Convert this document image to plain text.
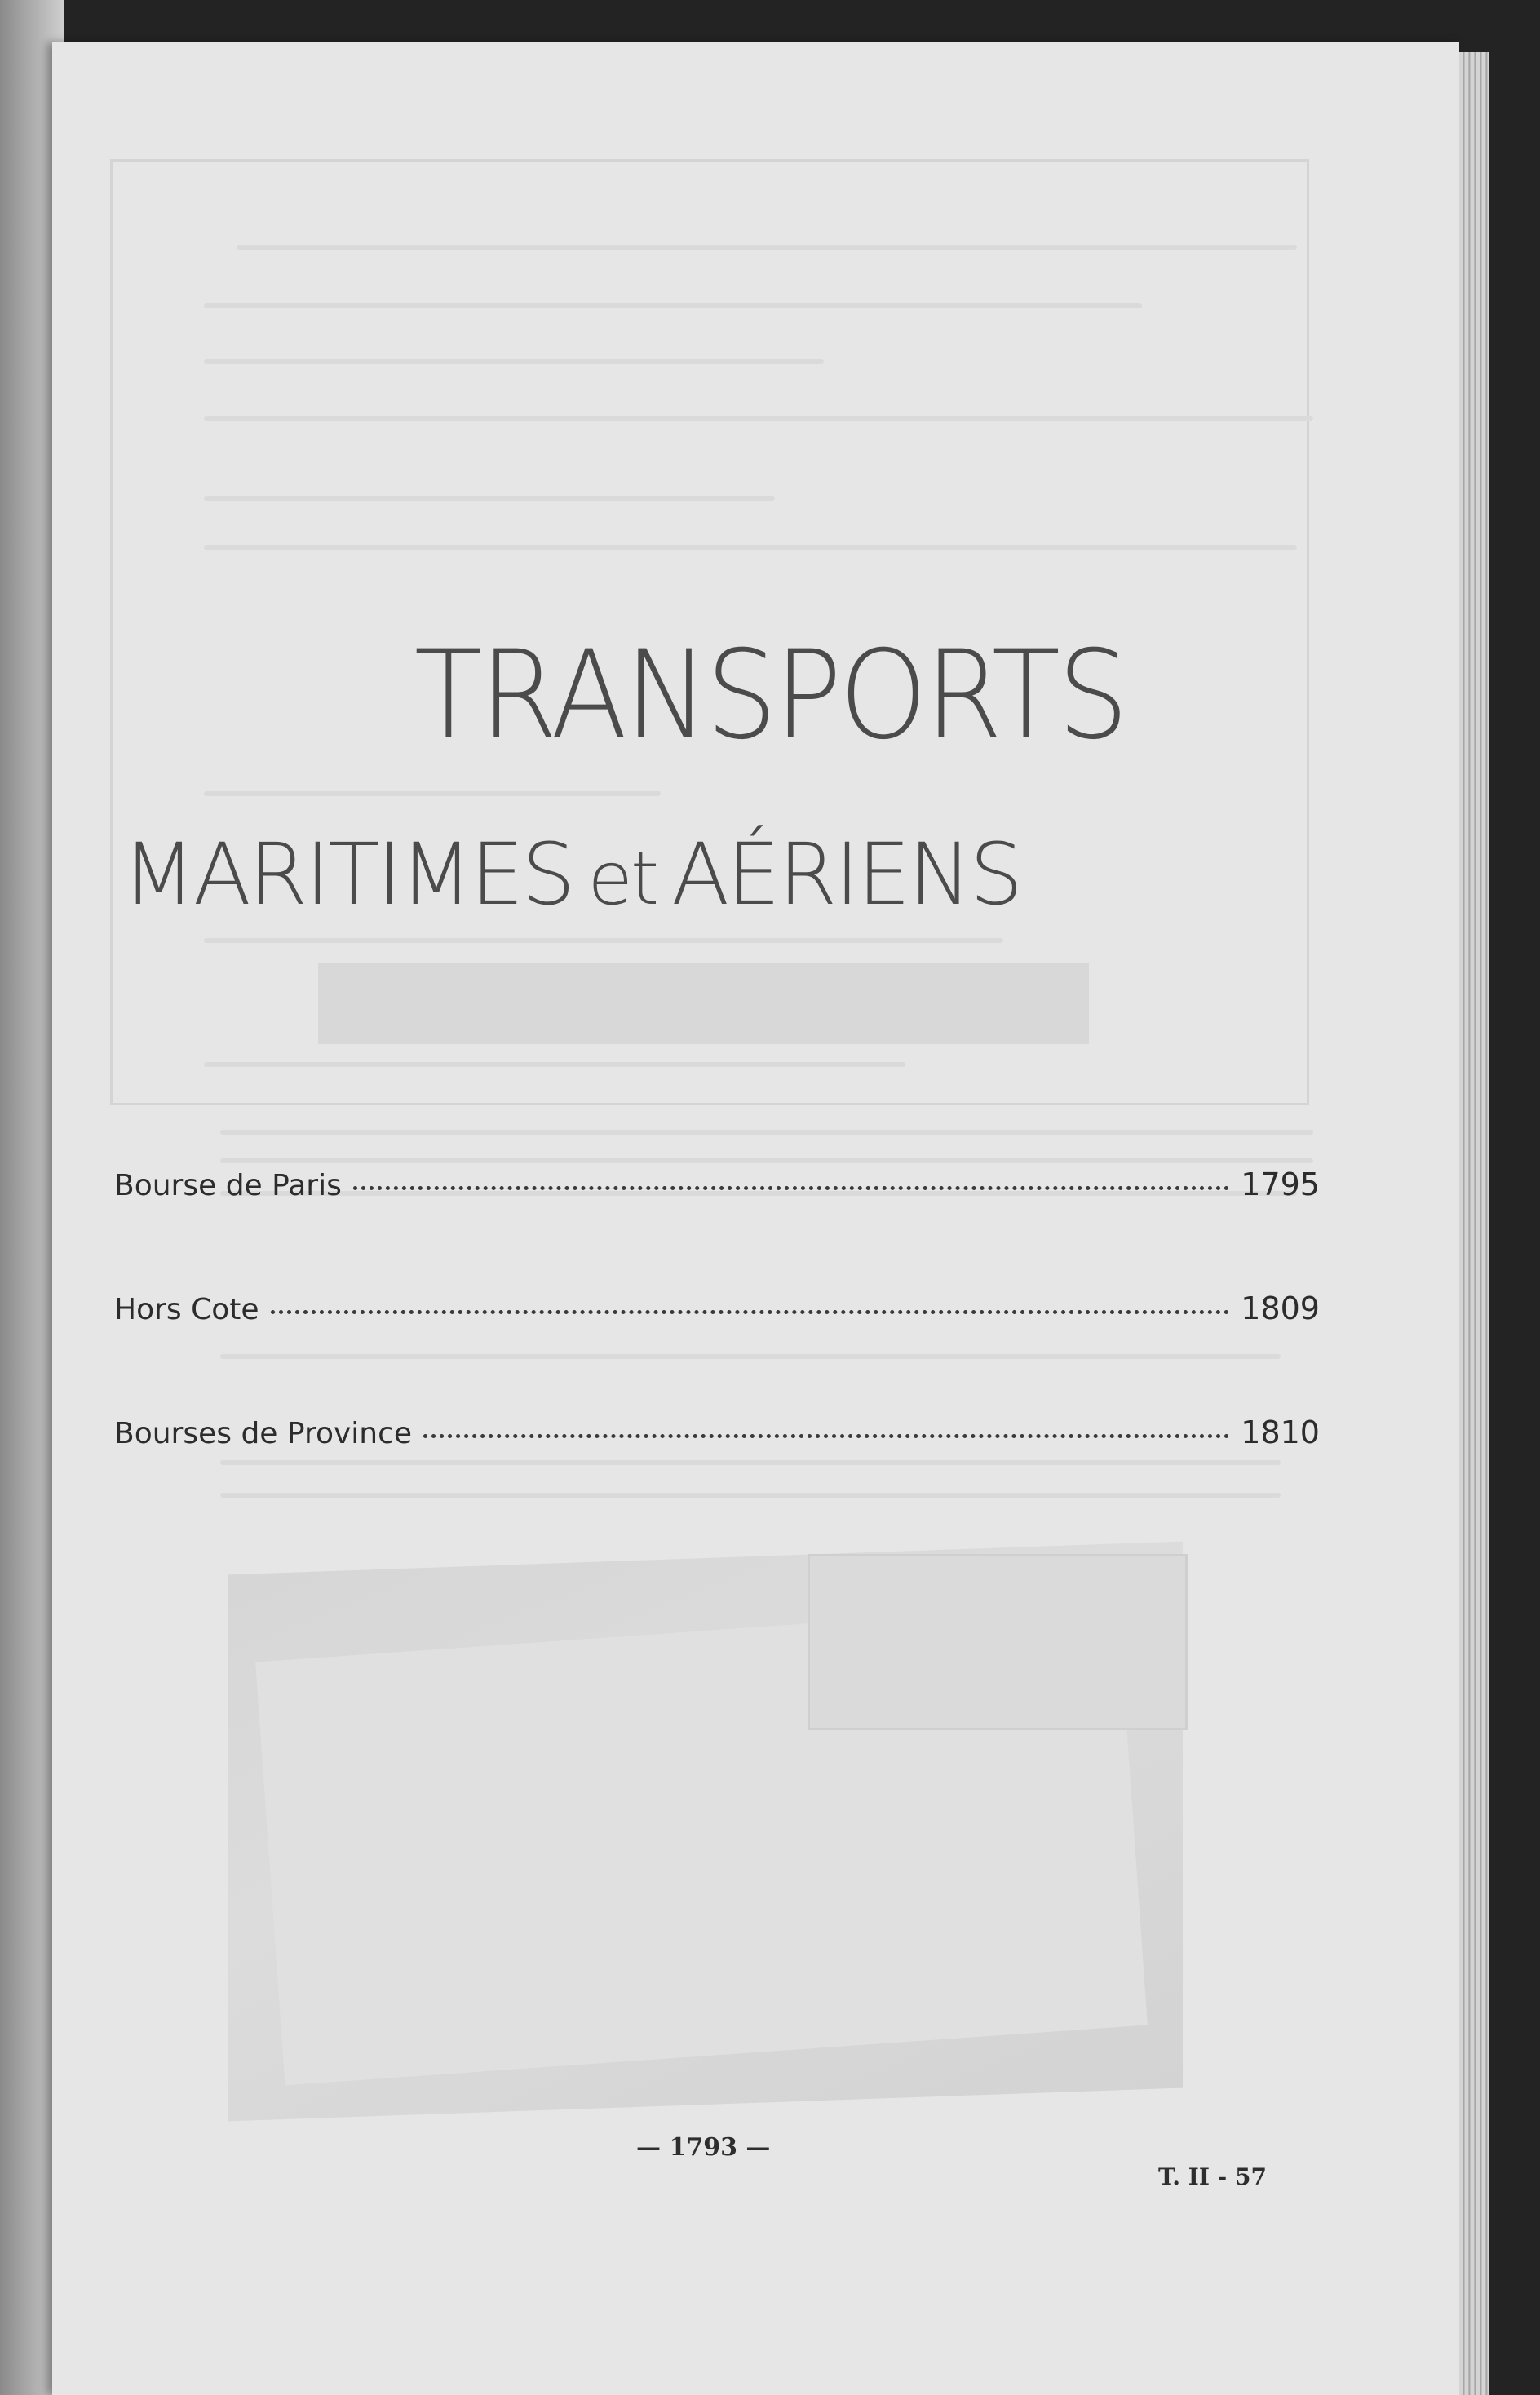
TRANSPORTS
MARITIMES et AÉRIENS
Bourse de Paris	1795
Hors Cote	1809
Bourses de Province	1810
— 1793 —
T. II - 57
